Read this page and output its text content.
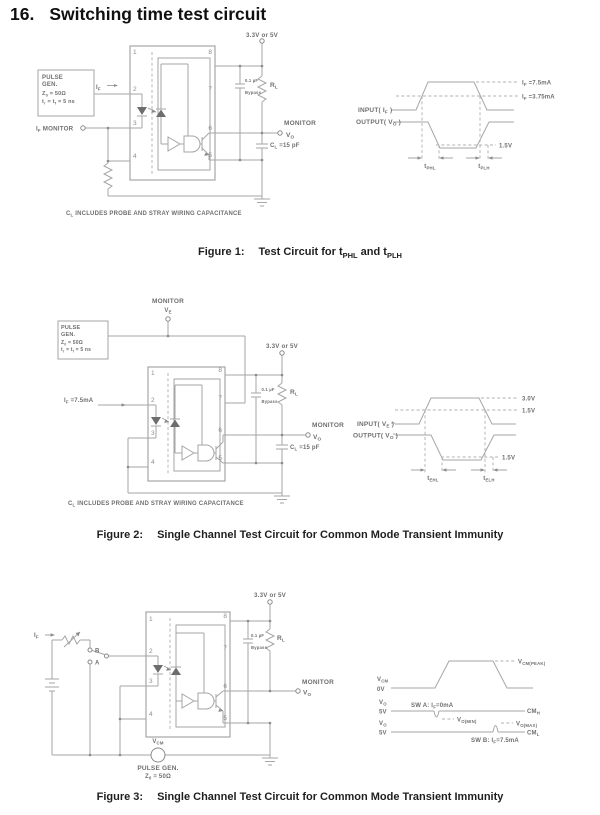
16. Switching time test circuit
3.3V or 5V
PULSE
GEN.
$Z_0 = 50\Omega$
$t_r = t_f = 5$ ns
$I_F$
$I_F$ MONITOR
0.1 µF
Bypass
$R_L$
MONITOR
$V_O$
$C_L =15$ pF
$C_L$ INCLUDES PROBE AND STRAY WIRING CAPACITANCE
1
2
3
4
8
7
6
5
INPUT( $I_F$ )
OUTPUT( $V_O$ )
$I_F =7.5mA$
$I_F =3.75mA$
1.5V
$t_{PHL}$	$t_{PLH}$
Figure 1: Test Circuit for $t_{PHL}$ and $t_{PLH}$
MONITOR
$V_E$
3.3V or 5V
PULSE
GEN.
$Z_0 = 50\Omega$
$t_r = t_f = 5$ ns
$I_F =7.5mA$
0.1 µF
Bypass
$R_L$
MONITOR
$V_O$
$C_L =15$ pF
$C_L$ INCLUDES PROBE AND STRAY WIRING CAPACITANCE
1
2
3
4
8
7
6
5
INPUT( $V_E$ )
OUTPUT( $V_O$ )
3.0V
1.5V
1.5V
$t_{EHL}$	$t_{ELH}$
Figure 2: Single Channel Test Circuit for Common Mode Transient Immunity
$I_F$
B
A
3.3V or 5V
0.1 µF
Bypass
$R_L$
MONITOR
$V_O$
$V_{CM}$
PULSE GEN.
$Z_0 = 50\Omega$
1
2
3
4
8
7
6
5
$V_{CM}$
0V
$V_{CM(PEAK)}$
$V_O$
5V
SW A: $I_F=0mA$
$V_{O(MIN)}$
$CM_H$
$V_O$
5V
$V_{O(MAX)}$
$CM_L$
SW B: $I_F=7.5mA$
Figure 3: Single Channel Test Circuit for Common Mode Transient Immunity
